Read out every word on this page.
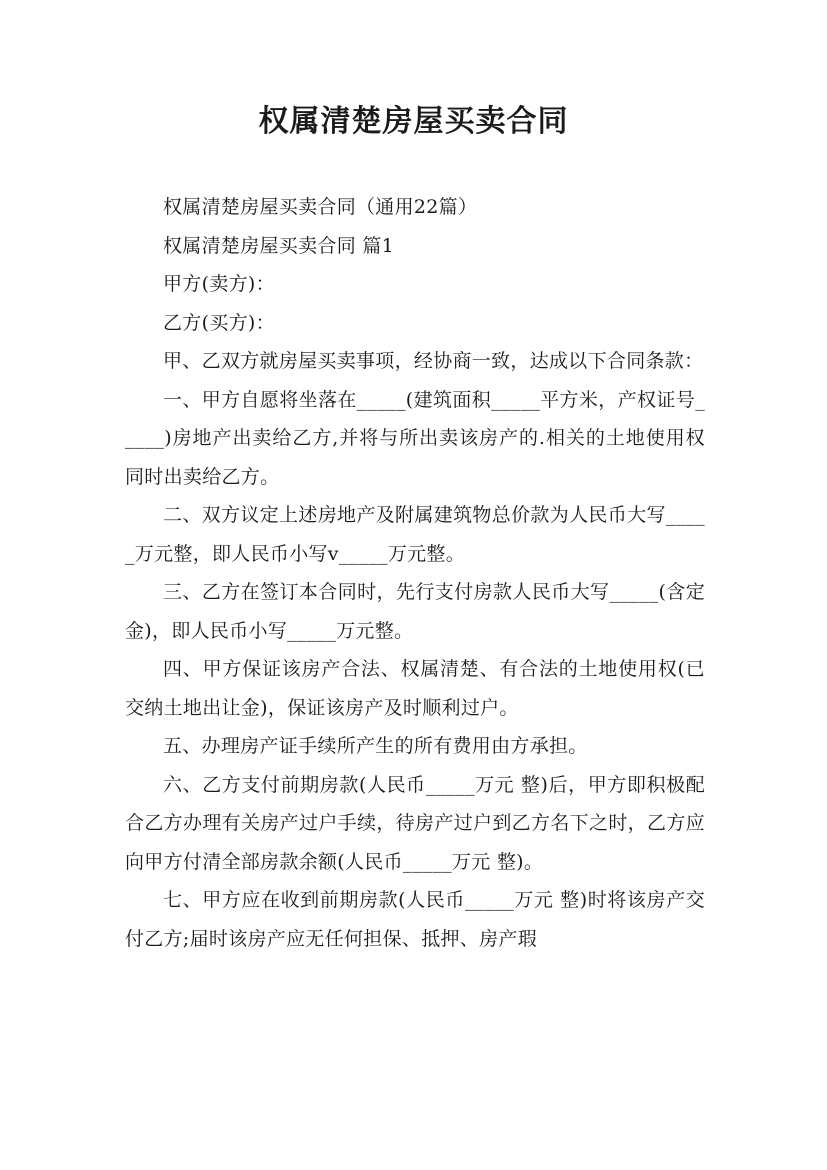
权属清楚房屋买卖合同

权属清楚房屋买卖合同（通用22篇）

权属清楚房屋买卖合同 篇1

甲方(卖方)：

乙方(买方)：

甲、乙双方就房屋买卖事项，经协商一致，达成以下合同条款：

一、甲方自愿将坐落在_____(建筑面积_____平方米，产权证号_____)房地产出卖给乙方,并将与所出卖该房产的.相关的土地使用权同时出卖给乙方。

二、双方议定上述房地产及附属建筑物总价款为人民币大写_____万元整，即人民币小写v_____万元整。

三、乙方在签订本合同时，先行支付房款人民币大写_____(含定金)，即人民币小写_____万元整。

四、甲方保证该房产合法、权属清楚、有合法的土地使用权(已交纳土地出让金)，保证该房产及时顺利过户。

五、办理房产证手续所产生的所有费用由方承担。

六、乙方支付前期房款(人民币_____万元 整)后，甲方即积极配合乙方办理有关房产过户手续，待房产过户到乙方名下之时，乙方应向甲方付清全部房款余额(人民币_____万元 整)。

七、甲方应在收到前期房款(人民币_____万元 整)时将该房产交付乙方;届时该房产应无任何担保、抵押、房产瑕
